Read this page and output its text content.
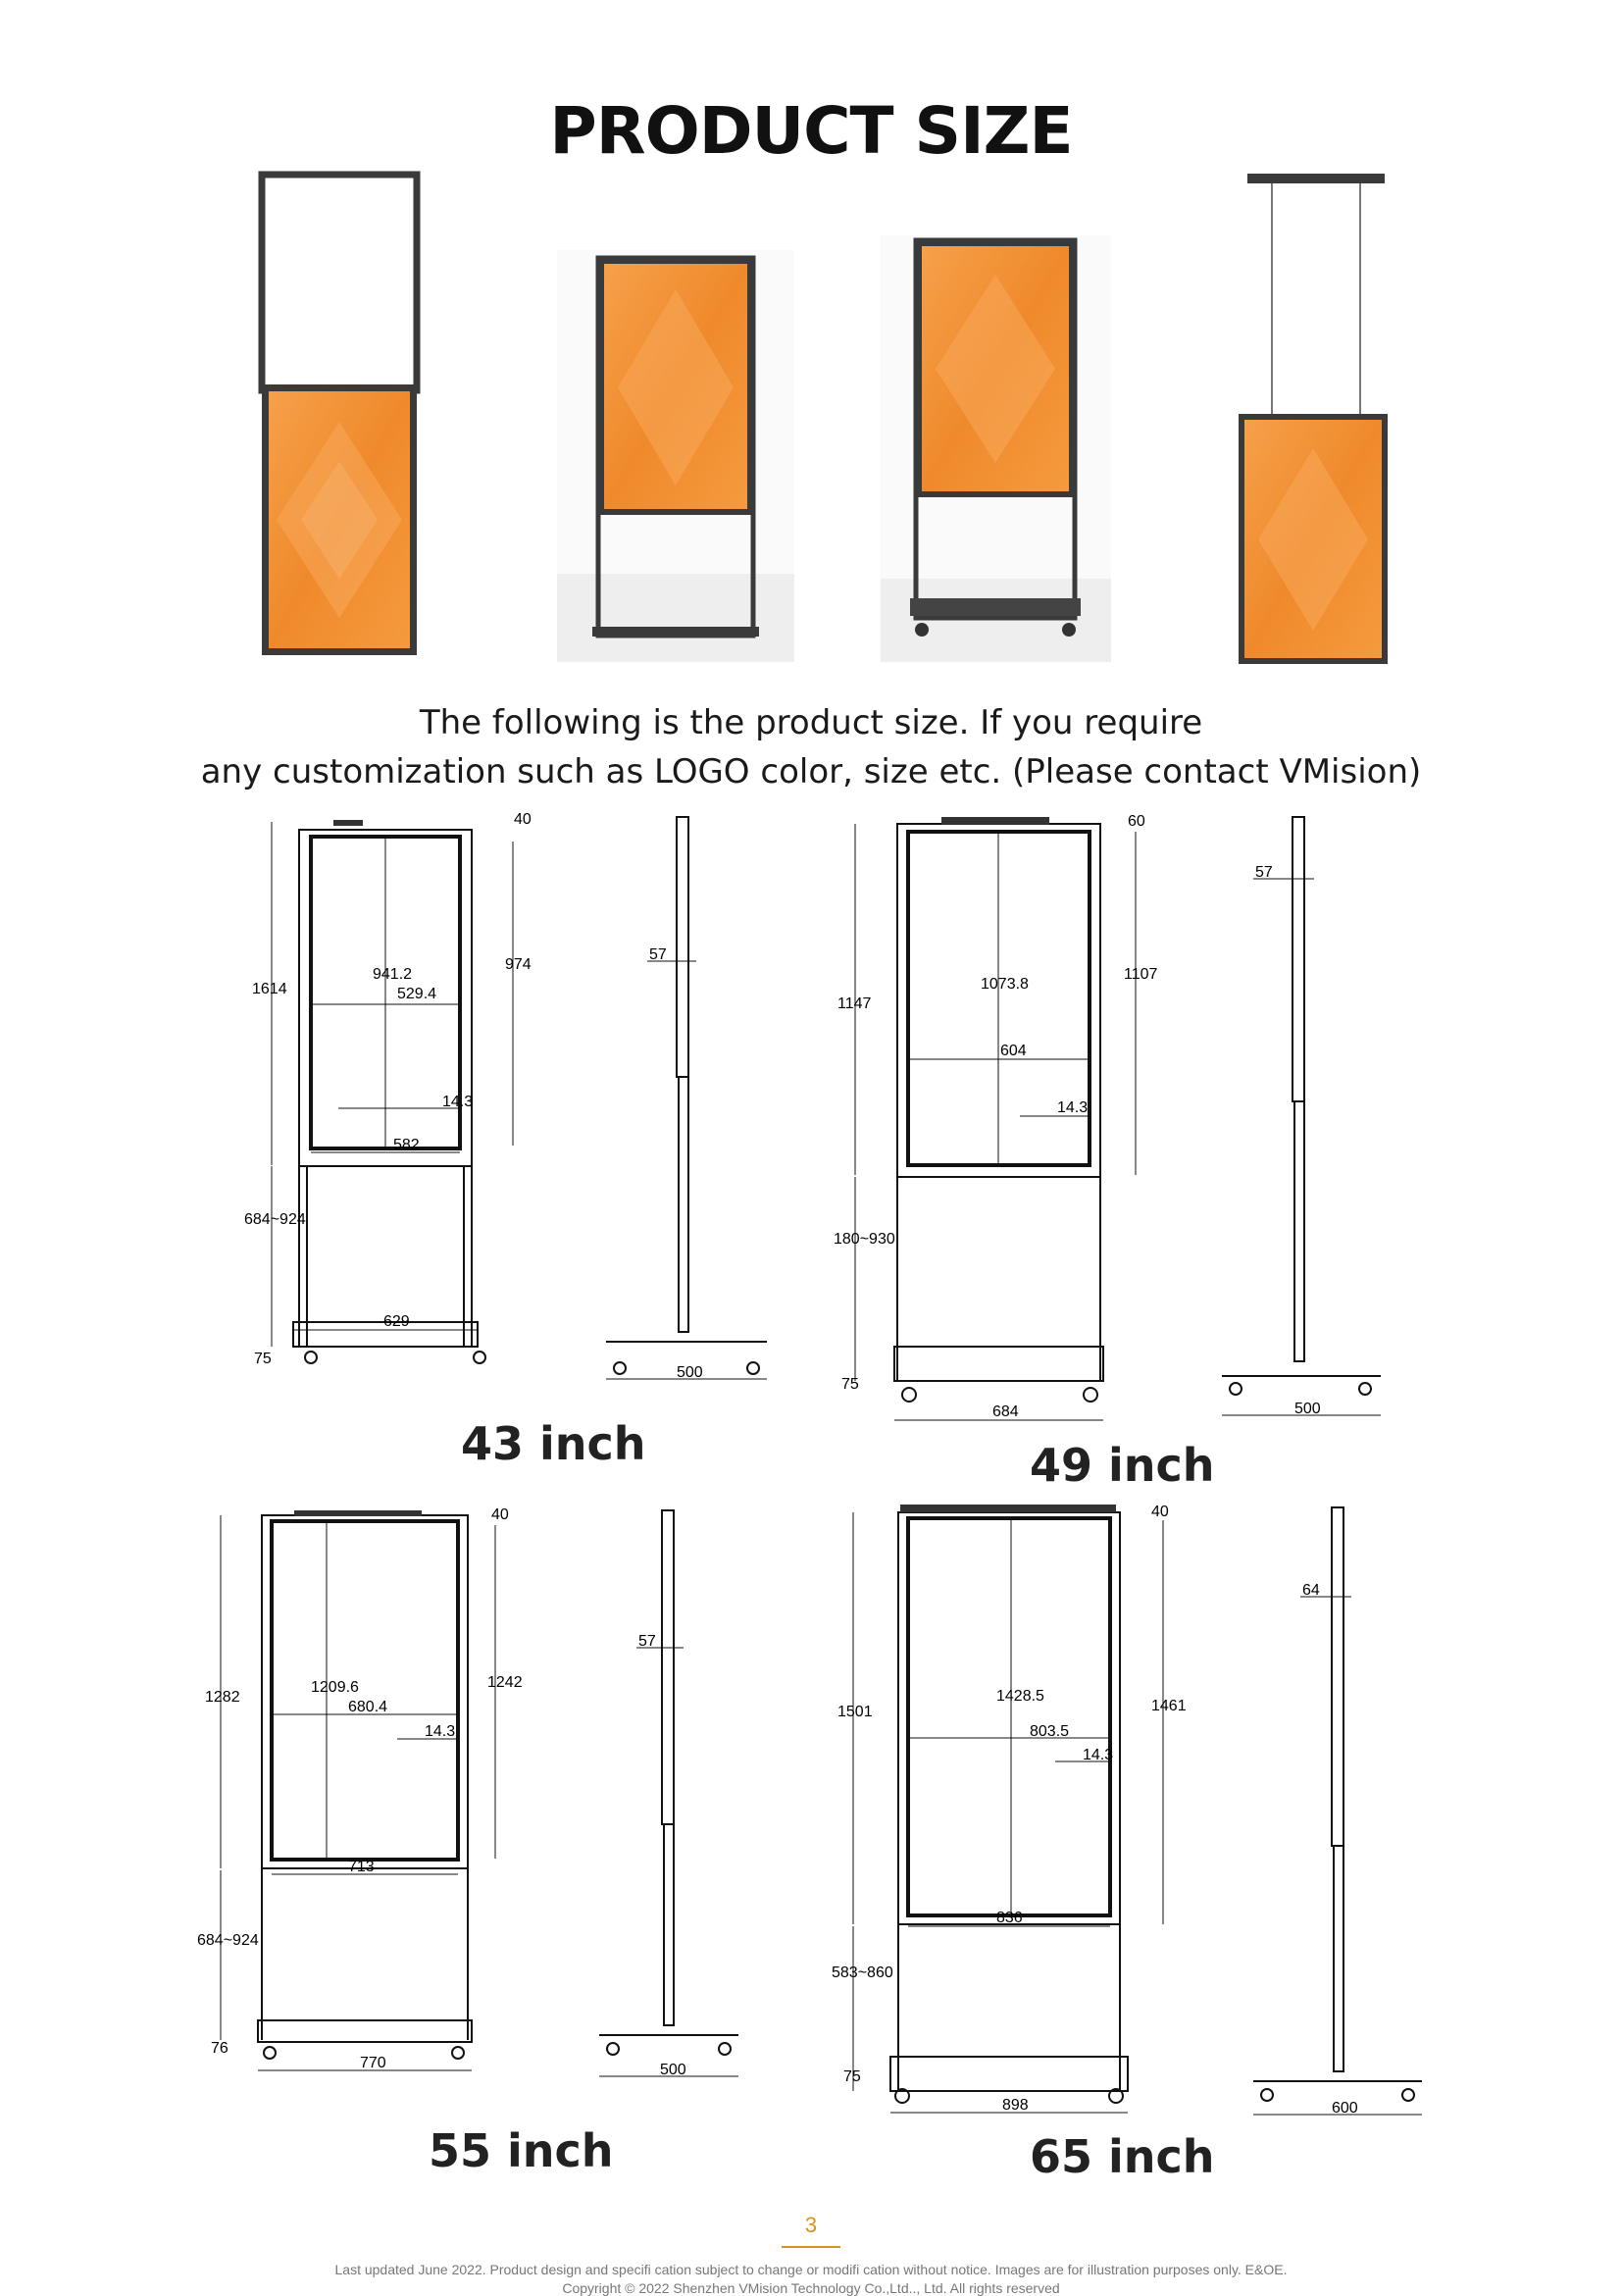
PRODUCT SIZE
The following is the product size. If you require
any customization such as LOGO color, size etc. (Please contact VMision)
40
1614
974
941.2
529.4
14.3
582
684~924
629
75
57
500
43 inch
60
1147
1107
1073.8
604
14.3
180~930
684
75
57
500
49 inch
40
1282
1242
1209.6
680.4
14.3
713
684~924
770
76
57
500
55 inch
40
1501	1461
1428.5
803.5
14.3
836
583~860
898
75
64
600
65 inch
3
Last updated June 2022. Product design and specifi cation subject to change or modifi cation without notice. Images are for illustration purposes only. E&OE.
Copyright © 2022 Shenzhen VMision Technology Co.,Ltd.., Ltd. All rights reserved
